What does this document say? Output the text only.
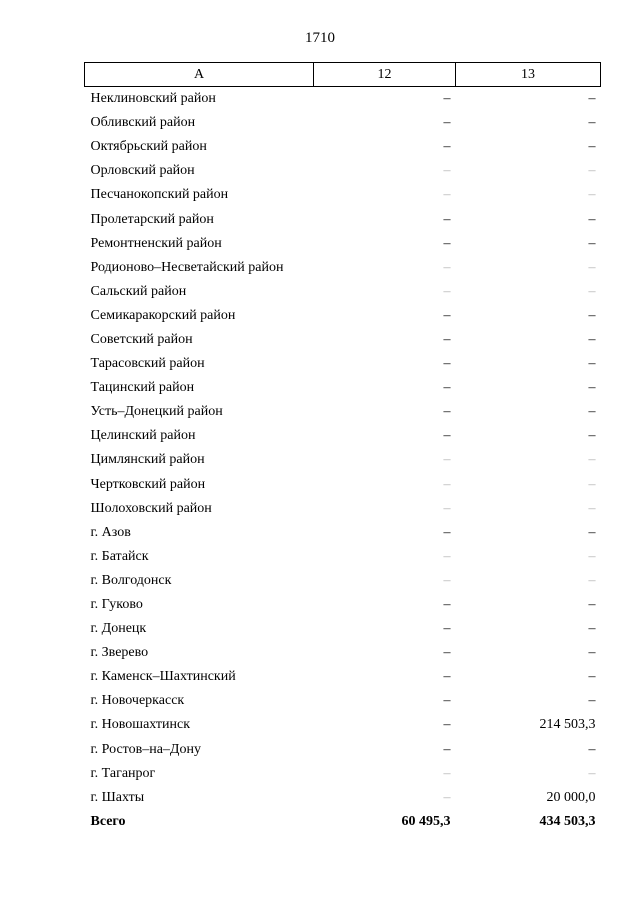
1710
А	12	13
Неклиновский район	–	–
Обливский район	–	–
Октябрьский район	–	–
Орловский район	–	–
Песчанокопский район	–	–
Пролетарский район	–	–
Ремонтненский район	–	–
Родионово–Несветайский район	–	–
Сальский район	–	–
Семикаракорский район	–	–
Советский район	–	–
Тарасовский район	–	–
Тацинский район	–	–
Усть–Донецкий район	–	–
Целинский район	–	–
Цимлянский район	–	–
Чертковский район	–	–
Шолоховский район	–	–
г. Азов	–	–
г. Батайск	–	–
г. Волгодонск	–	–
г. Гуково	–	–
г. Донецк	–	–
г. Зверево	–	–
г. Каменск–Шахтинский	–	–
г. Новочеркасск	–	–
г. Новошахтинск	–	214 503,3
г. Ростов–на–Дону	–	–
г. Таганрог	–	–
г. Шахты	–	20 000,0
Всего	60 495,3	434 503,3
